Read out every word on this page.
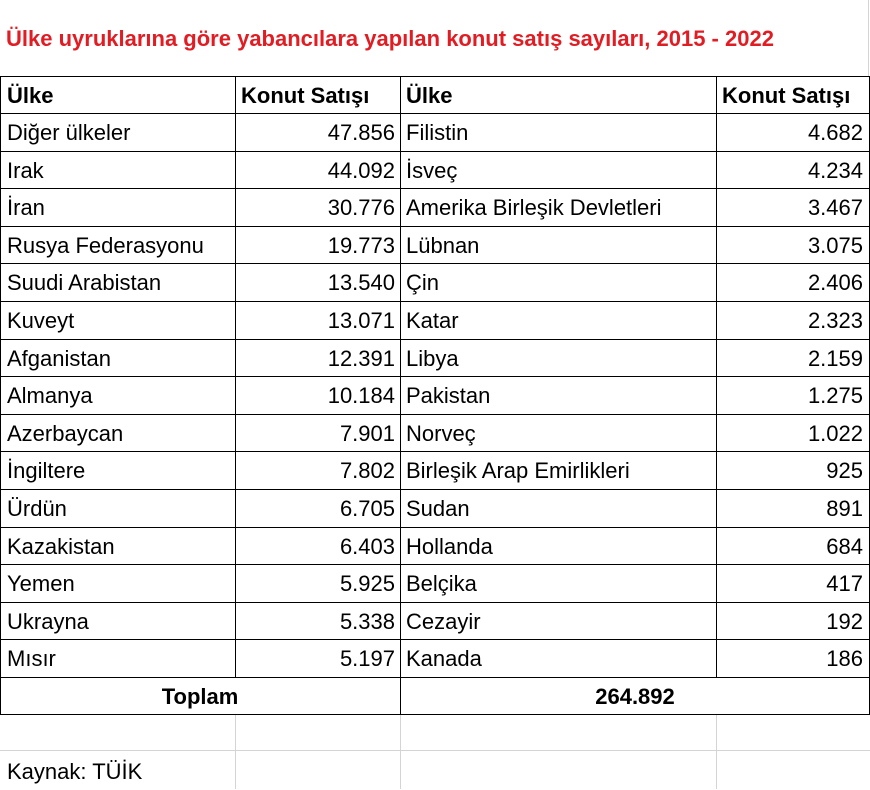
Ülke uyruklarına göre yabancılara yapılan konut satış sayıları, 2015 - 2022
Ülke	Konut Satışı Ülke	Konut Satışı
Diğer ülkeler	47.856 Filistin	4.682
Irak	44.092 İsveç	4.234
İran	30.776 Amerika Birleşik Devletleri	3.467
Rusya Federasyonu	19.773 Lübnan	3.075
Suudi Arabistan	13.540 Çin	2.406
Kuveyt	13.071 Katar	2.323
Afganistan	12.391 Libya	2.159
Almanya	10.184 Pakistan	1.275
Azerbaycan	7.901 Norveç	1.022
İngiltere	7.802 Birleşik Arap Emirlikleri	925
Ürdün	6.705 Sudan	891
Kazakistan	6.403 Hollanda	684
Yemen	5.925 Belçika	417
Ukrayna	5.338 Cezayir	192
Mısır	5.197 Kanada	186
Toplam	264.892
Kaynak: TÜİK
